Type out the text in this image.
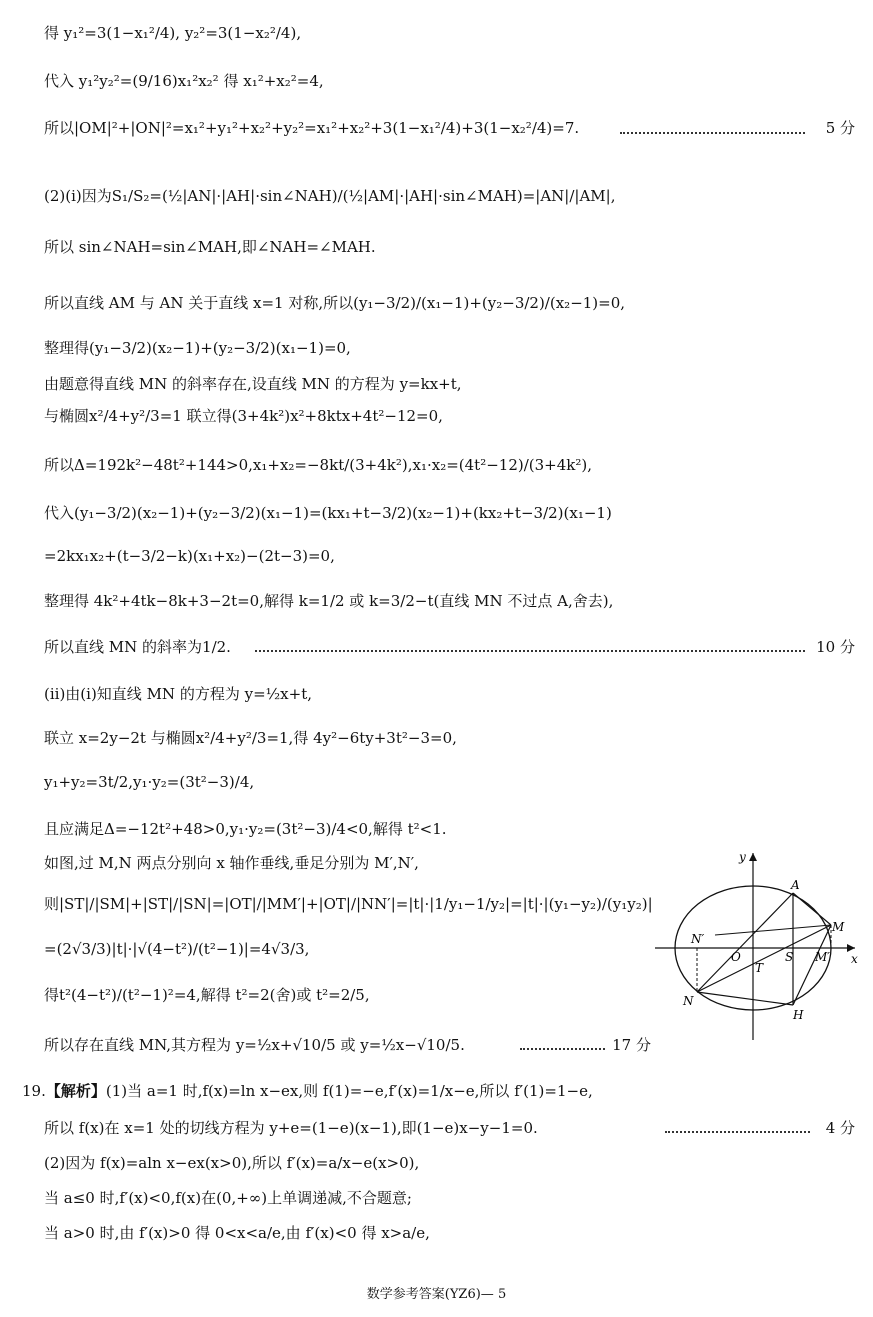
得 y₁²=3(1−x₁²/4), y₂²=3(1−x₂²/4),
代入 y₁²y₂²=(9/16)x₁²x₂² 得 x₁²+x₂²=4,
所以|OM|²+|ON|²=x₁²+y₁²+x₂²+y₂²=x₁²+x₂²+3(1−x₁²/4)+3(1−x₂²/4)=7.	5 分
(2)(ⅰ)因为S₁/S₂=(½|AN|·|AH|·sin∠NAH)/(½|AM|·|AH|·sin∠MAH)=|AN|/|AM|,
所以 sin∠NAH=sin∠MAH,即∠NAH=∠MAH.
所以直线 AM 与 AN 关于直线 x=1 对称,所以(y₁−3/2)/(x₁−1)+(y₂−3/2)/(x₂−1)=0,
整理得(y₁−3/2)(x₂−1)+(y₂−3/2)(x₁−1)=0,
由题意得直线 MN 的斜率存在,设直线 MN 的方程为 y=kx+t,
与椭圆x²/4+y²/3=1 联立得(3+4k²)x²+8ktx+4t²−12=0,
所以Δ=192k²−48t²+144>0,x₁+x₂=−8kt/(3+4k²),x₁·x₂=(4t²−12)/(3+4k²),
代入(y₁−3/2)(x₂−1)+(y₂−3/2)(x₁−1)=(kx₁+t−3/2)(x₂−1)+(kx₂+t−3/2)(x₁−1)
=2kx₁x₂+(t−3/2−k)(x₁+x₂)−(2t−3)=0,
整理得 4k²+4tk−8k+3−2t=0,解得 k=1/2 或 k=3/2−t(直线 MN 不过点 A,舍去),
所以直线 MN 的斜率为1/2.	10 分
(ⅱ)由(ⅰ)知直线 MN 的方程为 y=½x+t,
联立 x=2y−2t 与椭圆x²/4+y²/3=1,得 4y²−6ty+3t²−3=0,
y₁+y₂=3t/2,y₁·y₂=(3t²−3)/4,
且应满足Δ=−12t²+48>0,y₁·y₂=(3t²−3)/4<0,解得 t²<1.
如图,过 M,N 两点分别向 x 轴作垂线,垂足分别为 M′,N′,
则|ST|/|SM|+|ST|/|SN|=|OT|/|MM′|+|OT|/|NN′|=|t|·|1/y₁−1/y₂|=|t|·|(y₁−y₂)/(y₁y₂)|
=(2√3/3)|t|·|√(4−t²)/(t²−1)|=4√3/3,
得t²(4−t²)/(t²−1)²=4,解得 t²=2(舍)或 t²=2/5,
所以存在直线 MN,其方程为 y=½x+√10/5 或 y=½x−√10/5.	17 分
19.【解析】(1)当 a=1 时,f(x)=ln x−ex,则 f(1)=−e,f′(x)=1/x−e,所以 f′(1)=1−e,
所以 f(x)在 x=1 处的切线方程为 y+e=(1−e)(x−1),即(1−e)x−y−1=0.	4 分
(2)因为 f(x)=aln x−ex(x>0),所以 f′(x)=a/x−e(x>0),
当 a≤0 时,f′(x)<0,f(x)在(0,+∞)上单调递减,不合题意;
当 a>0 时,由 f′(x)>0 得 0<x<a/e,由 f′(x)<0 得 x>a/e,
y
A
M
N′
O	S M′ x
T
N
H
数学参考答案(YZ6)— 5
